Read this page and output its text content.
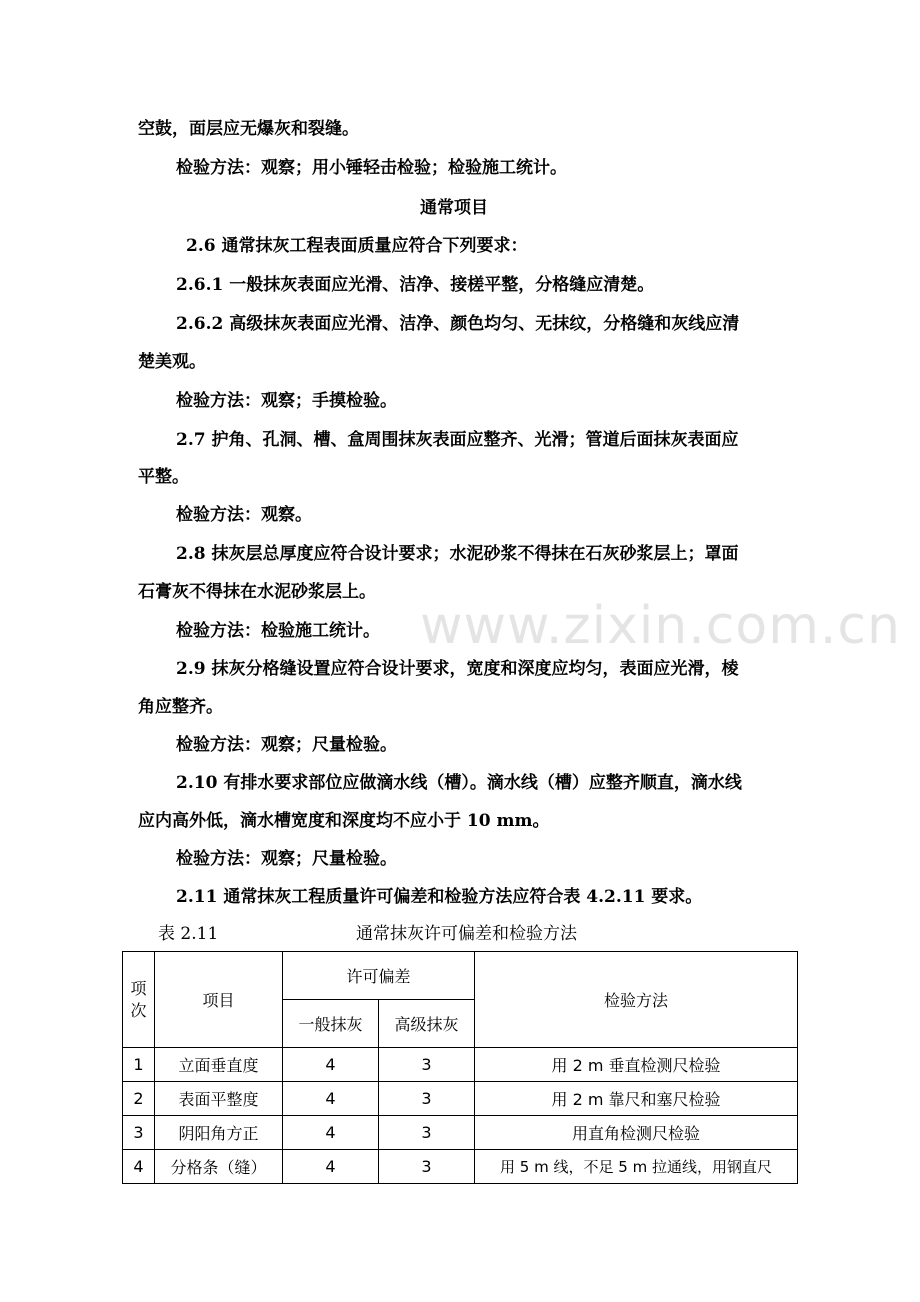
www.zixin.com.cn
空鼓，面层应无爆灰和裂缝。
检验方法：观察；用小锤轻击检验；检验施工统计。
通常项目
2.6 通常抹灰工程表面质量应符合下列要求：
2.6.1 一般抹灰表面应光滑、洁净、接槎平整，分格缝应清楚。
2.6.2 高级抹灰表面应光滑、洁净、颜色均匀、无抹纹，分格缝和灰线应清
楚美观。
检验方法：观察；手摸检验。
2.7 护角、孔洞、槽、盒周围抹灰表面应整齐、光滑；管道后面抹灰表面应
平整。
检验方法：观察。
2.8 抹灰层总厚度应符合设计要求；水泥砂浆不得抹在石灰砂浆层上；罩面
石膏灰不得抹在水泥砂浆层上。
检验方法：检验施工统计。
2.9 抹灰分格缝设置应符合设计要求，宽度和深度应均匀，表面应光滑，棱
角应整齐。
检验方法：观察；尺量检验。
2.10 有排水要求部位应做滴水线（槽）。滴水线（槽）应整齐顺直，滴水线
应内高外低，滴水槽宽度和深度均不应小于 10 mm。
检验方法：观察；尺量检验。
2.11 通常抹灰工程质量许可偏差和检验方法应符合表 4.2.11 要求。
表 2.11	通常抹灰许可偏差和检验方法
项次	项目	许可偏差		检验方法
		一般抹灰	高级抹灰	
1	立面垂直度	4	3	用 2 m 垂直检测尺检验
2	表面平整度	4	3	用 2 m 靠尺和塞尺检验
3	阴阳角方正	4	3	用直角检测尺检验
4	分格条（缝）	4	3	用 5 m 线，不足 5 m 拉通线，用钢直尺
